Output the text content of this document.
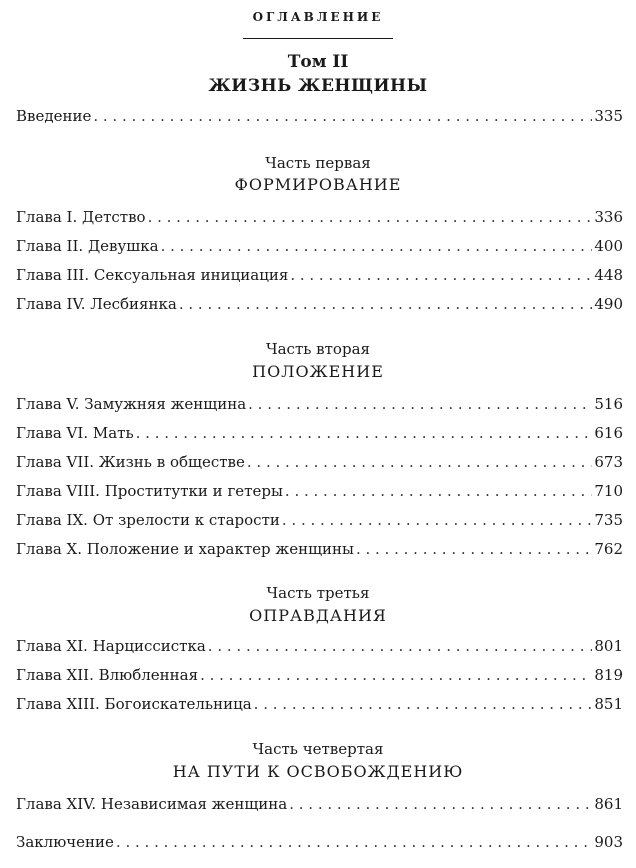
ОГЛАВЛЕНИЕ
Том II
ЖИЗНЬ ЖЕНЩИНЫ
Введение . . .	335
Часть первая
ФОРМИРОВАНИЕ
Глава I. Детство . . .	336
Глава II. Девушка . . .	400
Глава III. Сексуальная инициация . . .	448
Глава IV. Лесбиянка . . .	490
Часть вторая
ПОЛОЖЕНИЕ
Глава V. Замужняя женщина . . .	516
Глава VI. Мать . . .	616
Глава VII. Жизнь в обществе . . .	673
Глава VIII. Проститутки и гетеры . . .	710
Глава IX. От зрелости к старости . . .	735
Глава X. Положение и характер женщины . . .	762
Часть третья
ОПРАВДАНИЯ
Глава XI. Нарциссистка . . .	801
Глава XII. Влюбленная . . .	819
Глава XIII. Богоискательница . . .	851
Часть четвертая
НА ПУТИ К ОСВОБОЖДЕНИЮ
Глава XIV. Независимая женщина . . .	861
Заключение . . .	903
